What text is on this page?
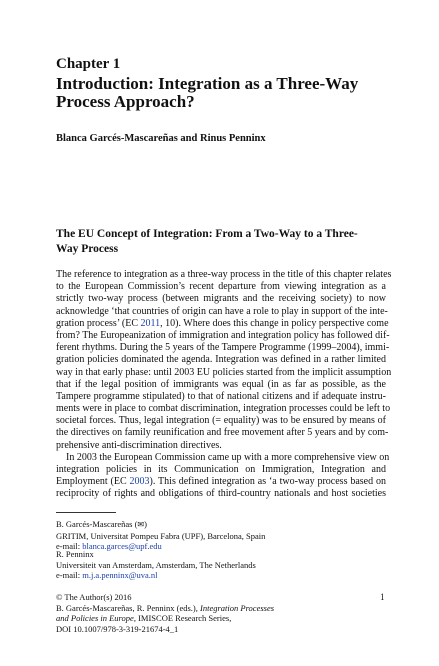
Chapter 1
Introduction: Integration as a Three-Way
Process Approach?
Blanca Garcés-Mascareñas and Rinus Penninx
The EU Concept of Integration: From a Two-Way to a Three-
Way Process
The reference to integration as a three-way process in the title of this chapter relates
to the European Commission’s recent departure from viewing integration as a
strictly two-way process (between migrants and the receiving society) to now
acknowledge ‘that countries of origin can have a role to play in support of the inte-
gration process’ (EC 2011, 10). Where does this change in policy perspective come
from? The Europeanization of immigration and integration policy has followed dif-
ferent rhythms. During the 5 years of the Tampere Programme (1999–2004), immi-
gration policies dominated the agenda. Integration was defined in a rather limited
way in that early phase: until 2003 EU policies started from the implicit assumption
that if the legal position of immigrants was equal (in as far as possible, as the
Tampere programme stipulated) to that of national citizens and if adequate instru-
ments were in place to combat discrimination, integration processes could be left to
societal forces. Thus, legal integration (= equality) was to be ensured by means of
the directives on family reunification and free movement after 5 years and by com-
prehensive anti-discrimination directives.
In 2003 the European Commission came up with a more comprehensive view on
integration policies in its Communication on Immigration, Integration and
Employment (EC 2003). This defined integration as ‘a two-way process based on
reciprocity of rights and obligations of third-country nationals and host societies
B. Garcés-Mascareñas (✉)
GRITIM, Universitat Pompeu Fabra (UPF), Barcelona, Spain
e-mail: blanca.garces@upf.edu
R. Penninx
Universiteit van Amsterdam, Amsterdam, The Netherlands
e-mail: m.j.a.penninx@uva.nl
© The Author(s) 2016
B. Garcés-Mascareñas, R. Penninx (eds.), Integration Processes
and Policies in Europe, IMISCOE Research Series,
DOI 10.1007/978-3-319-21674-4_1
1
